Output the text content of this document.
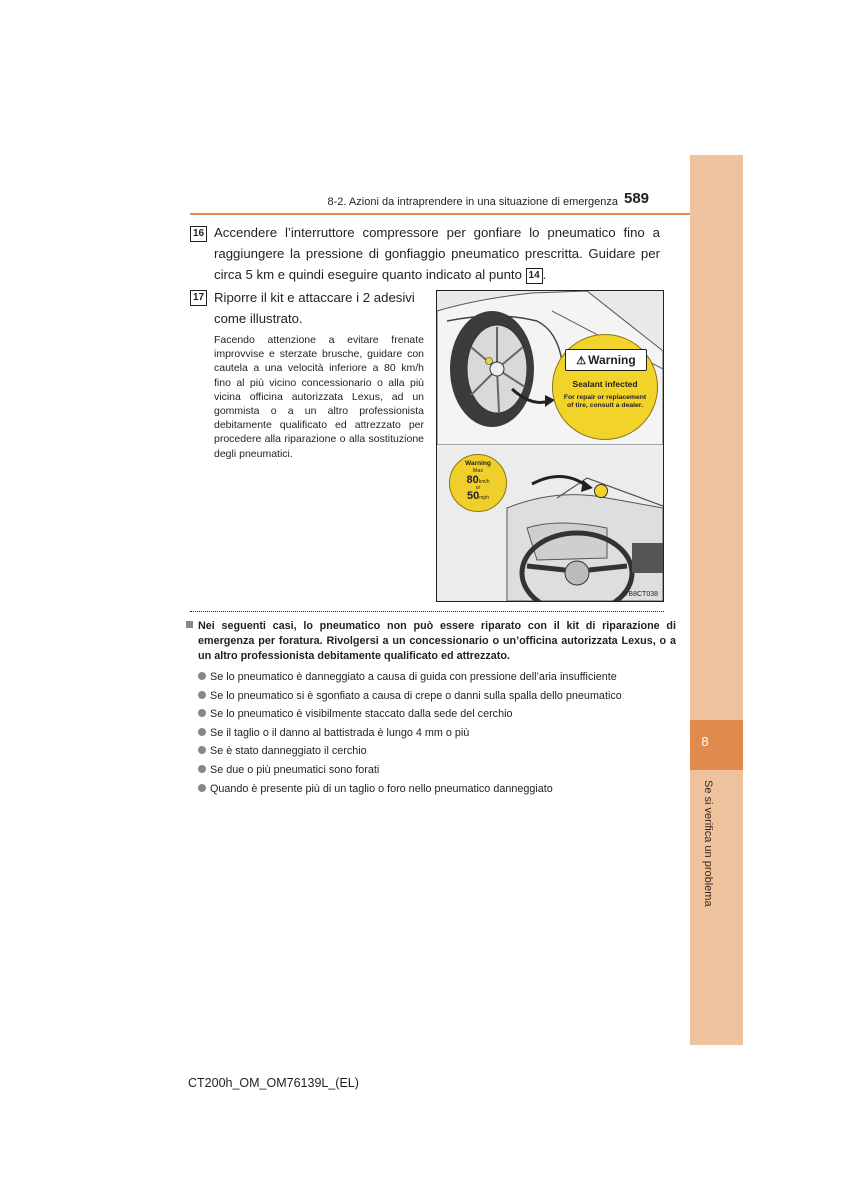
8
Se si verifica un problema
8-2. Azioni da intraprendere in una situazione di emergenza 589
16 Accendere l’interruttore compressore per gonfiare lo pneumatico fino a raggiungere la pressione di gonfiaggio pneumatico prescritta. Guidare per circa 5 km e quindi eseguire quanto indicato al punto 14 .
17 Riporre il kit e attaccare i 2 adesivi come illustrato.
Facendo attenzione a evitare frenate improvvise e sterzate brusche, guidare con cautela a una velocità inferiore a 80 km/h fino al più vicino concessionario o alla più vicina officina autorizzata Lexus, ad un gommista o a un altro professionista debitamente qualificato ed attrezzato per procedere alla riparazione o alla sostituzione degli pneumatici.
⚠ Warning
Sealant infected
For repair or replacement of tire, consult a dealer.
Warning
Max
80km/h
or
50mph
IYB8CT038
Nei seguenti casi, lo pneumatico non può essere riparato con il kit di riparazione di emergenza per foratura. Rivolgersi a un concessionario o un’officina autorizzata Lexus, o a un altro professionista debitamente qualificato ed attrezzato.
Se lo pneumatico è danneggiato a causa di guida con pressione dell’aria insufficiente
Se lo pneumatico si è sgonfiato a causa di crepe o danni sulla spalla dello pneumatico
Se lo pneumatico è visibilmente staccato dalla sede del cerchio
Se il taglio o il danno al battistrada è lungo 4 mm o più
Se è stato danneggiato il cerchio
Se due o più pneumatici sono forati
Quando è presente più di un taglio o foro nello pneumatico danneggiato
CT200h_OM_OM76139L_(EL)
